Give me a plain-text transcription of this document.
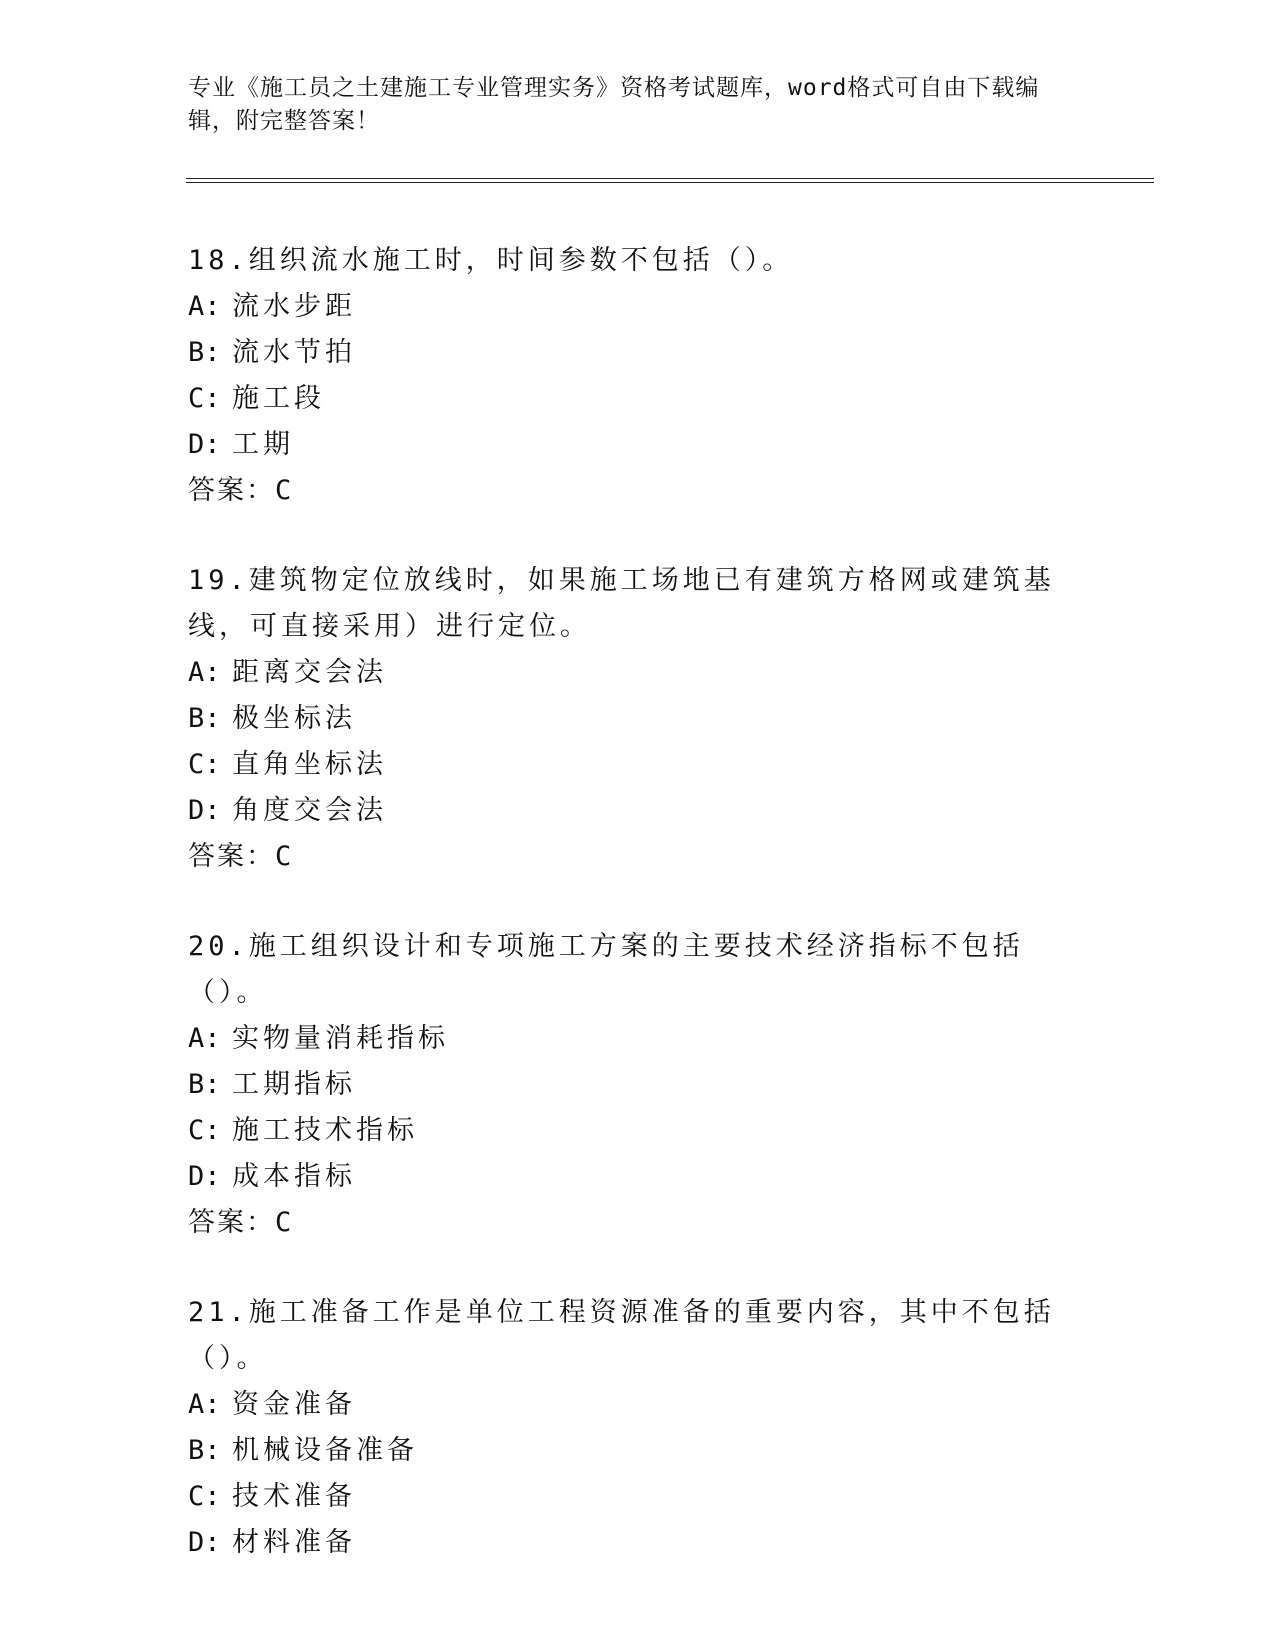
专业《施工员之土建施工专业管理实务》资格考试题库，word格式可自由下载编辑，附完整答案！

18.组织流水施工时，时间参数不包括（）。

A: 流水步距

B: 流水节拍

C: 施工段

D: 工期

答案：C

19.建筑物定位放线时，如果施工场地已有建筑方格网或建筑基线，可直接采用）进行定位。

A: 距离交会法

B: 极坐标法

C: 直角坐标法

D: 角度交会法

答案：C

20.施工组织设计和专项施工方案的主要技术经济指标不包括（）。

A: 实物量消耗指标

B: 工期指标

C: 施工技术指标

D: 成本指标

答案：C

21.施工准备工作是单位工程资源准备的重要内容，其中不包括（）。

A: 资金准备

B: 机械设备准备

C: 技术准备

D: 材料准备
